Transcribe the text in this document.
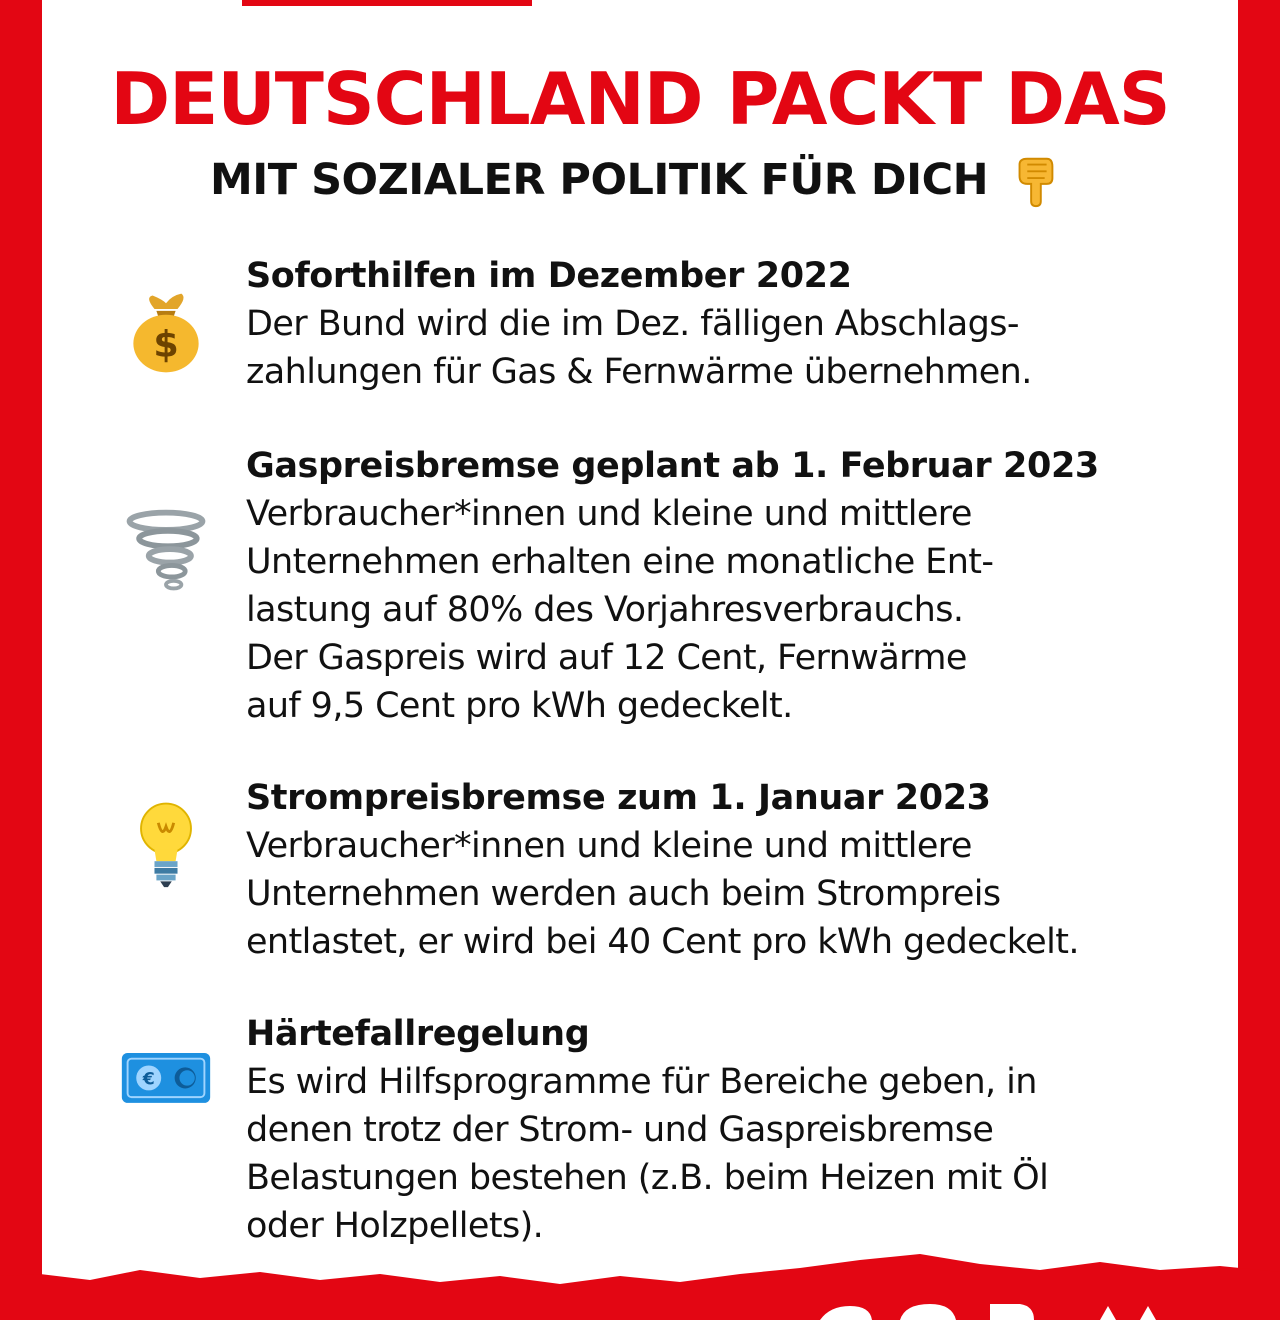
DEUTSCHLAND PACKT DAS
MIT SOZIALER POLITIK FÜR DICH
$

Soforthilfen im Dezember 2022

Der Bund wird die im Dez. fälligen Abschlags-

zahlungen für Gas & Fernwärme übernehmen.

Gaspreisbremse geplant ab 1. Februar 2023

Verbraucher*innen und kleine und mittlere

Unternehmen erhalten eine monatliche Ent-

lastung auf 80% des Vorjahresverbrauchs.

Der Gaspreis wird auf 12 Cent, Fernwärme

auf 9,5 Cent pro kWh gedeckelt.

Strompreisbremse zum 1. Januar 2023

Verbraucher*innen und kleine und mittlere

Unternehmen werden auch beim Strompreis

entlastet, er wird bei 40 Cent pro kWh gedeckelt.

€

Härtefallregelung

Es wird Hilfsprogramme für Bereiche geben, in

denen trotz der Strom- und Gaspreisbremse

Belastungen bestehen (z.B. beim Heizen mit Öl

oder Holzpellets).
